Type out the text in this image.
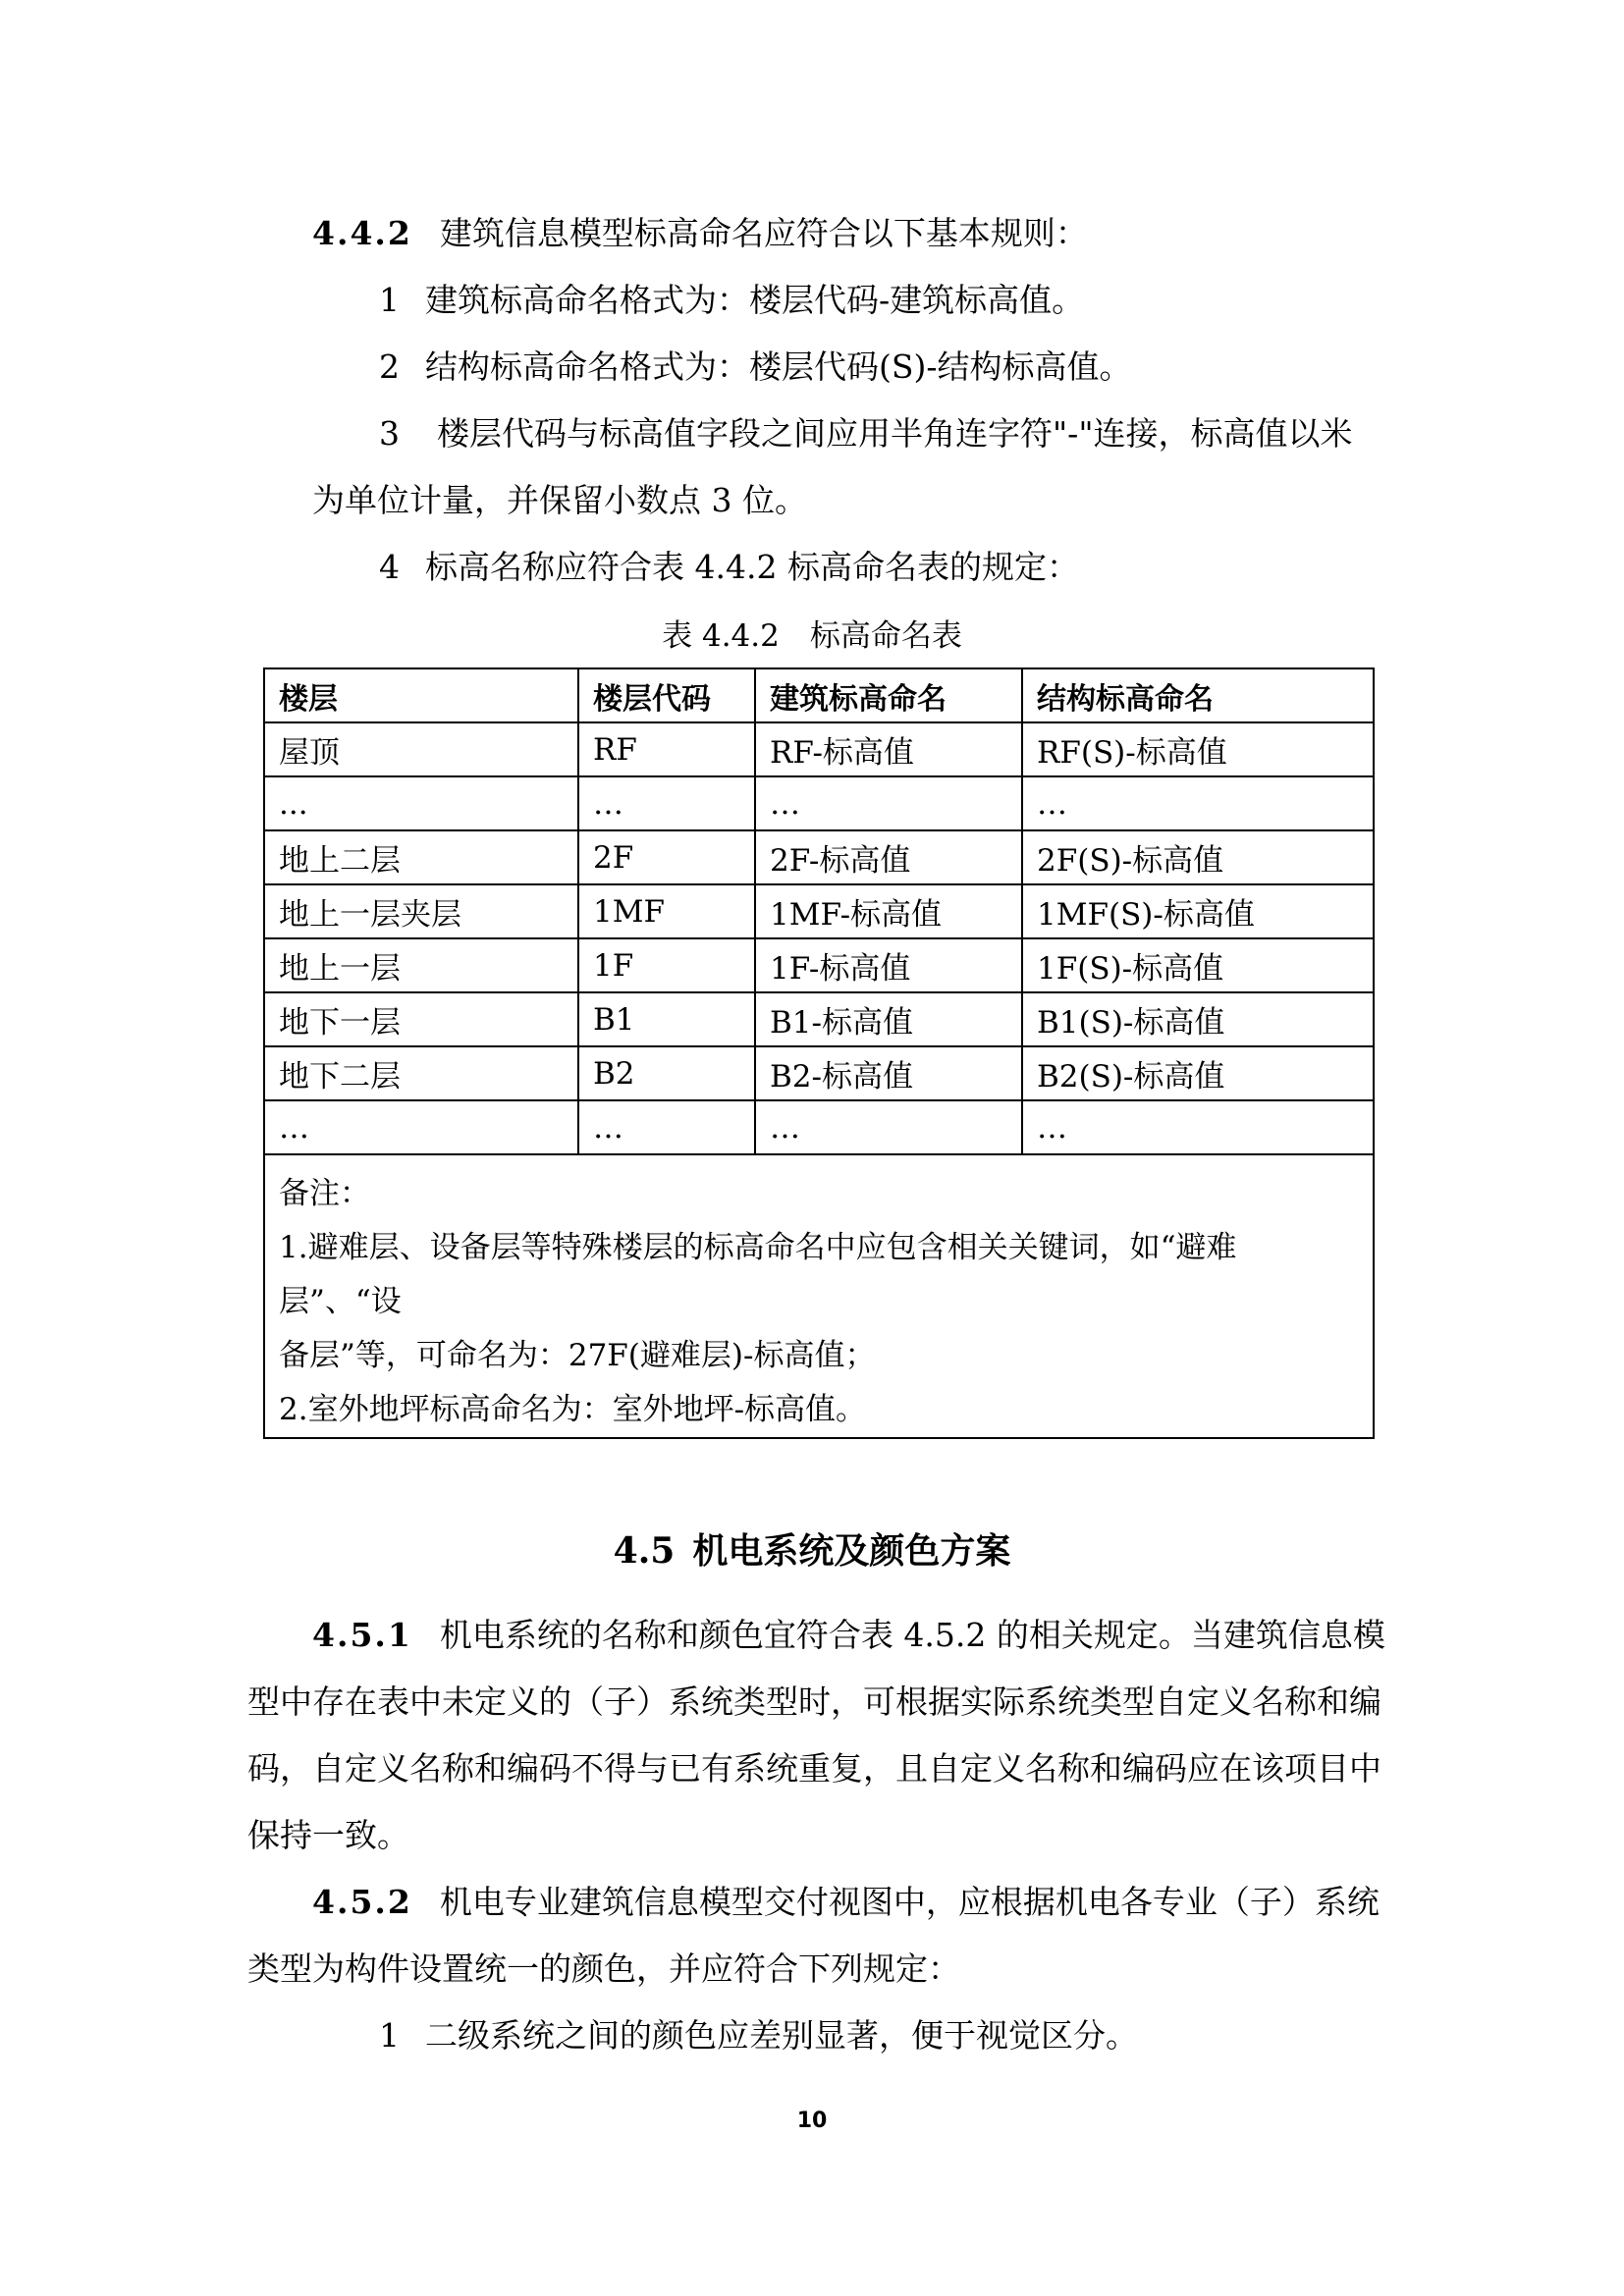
4.4.2 建筑信息模型标高命名应符合以下基本规则：
1 建筑标高命名格式为：楼层代码-建筑标高值。
2 结构标高命名格式为：楼层代码(S)-结构标高值。
3 楼层代码与标高值字段之间应用半角连字符"-"连接，标高值以米
为单位计量，并保留小数点 3 位。
4 标高名称应符合表 4.4.2 标高命名表的规定：
表 4.4.2　标高命名表
楼层	楼层代码	建筑标高命名	结构标高命名
屋顶	RF	RF-标高值	RF(S)-标高值
...	…	…	…
地上二层	2F	2F-标高值	2F(S)-标高值
地上一层夹层	1MF	1MF-标高值	1MF(S)-标高值
地上一层	1F	1F-标高值	1F(S)-标高值
地下一层	B1	B1-标高值	B1(S)-标高值
地下二层	B2	B2-标高值	B2(S)-标高值
…	…	…	…

备注：
1.避难层、设备层等特殊楼层的标高命名中应包含相关关键词，如“避难层”、“设
备层”等，可命名为：27F(避难层)-标高值；
2.室外地坪标高命名为：室外地坪-标高值。			
4.5 机电系统及颜色方案
4.5.1 机电系统的名称和颜色宜符合表 4.5.2 的相关规定。当建筑信息模
型中存在表中未定义的（子）系统类型时，可根据实际系统类型自定义名称和编
码，自定义名称和编码不得与已有系统重复，且自定义名称和编码应在该项目中
保持一致。
4.5.2 机电专业建筑信息模型交付视图中，应根据机电各专业（子）系统
类型为构件设置统一的颜色，并应符合下列规定：
1 二级系统之间的颜色应差别显著，便于视觉区分。
10
